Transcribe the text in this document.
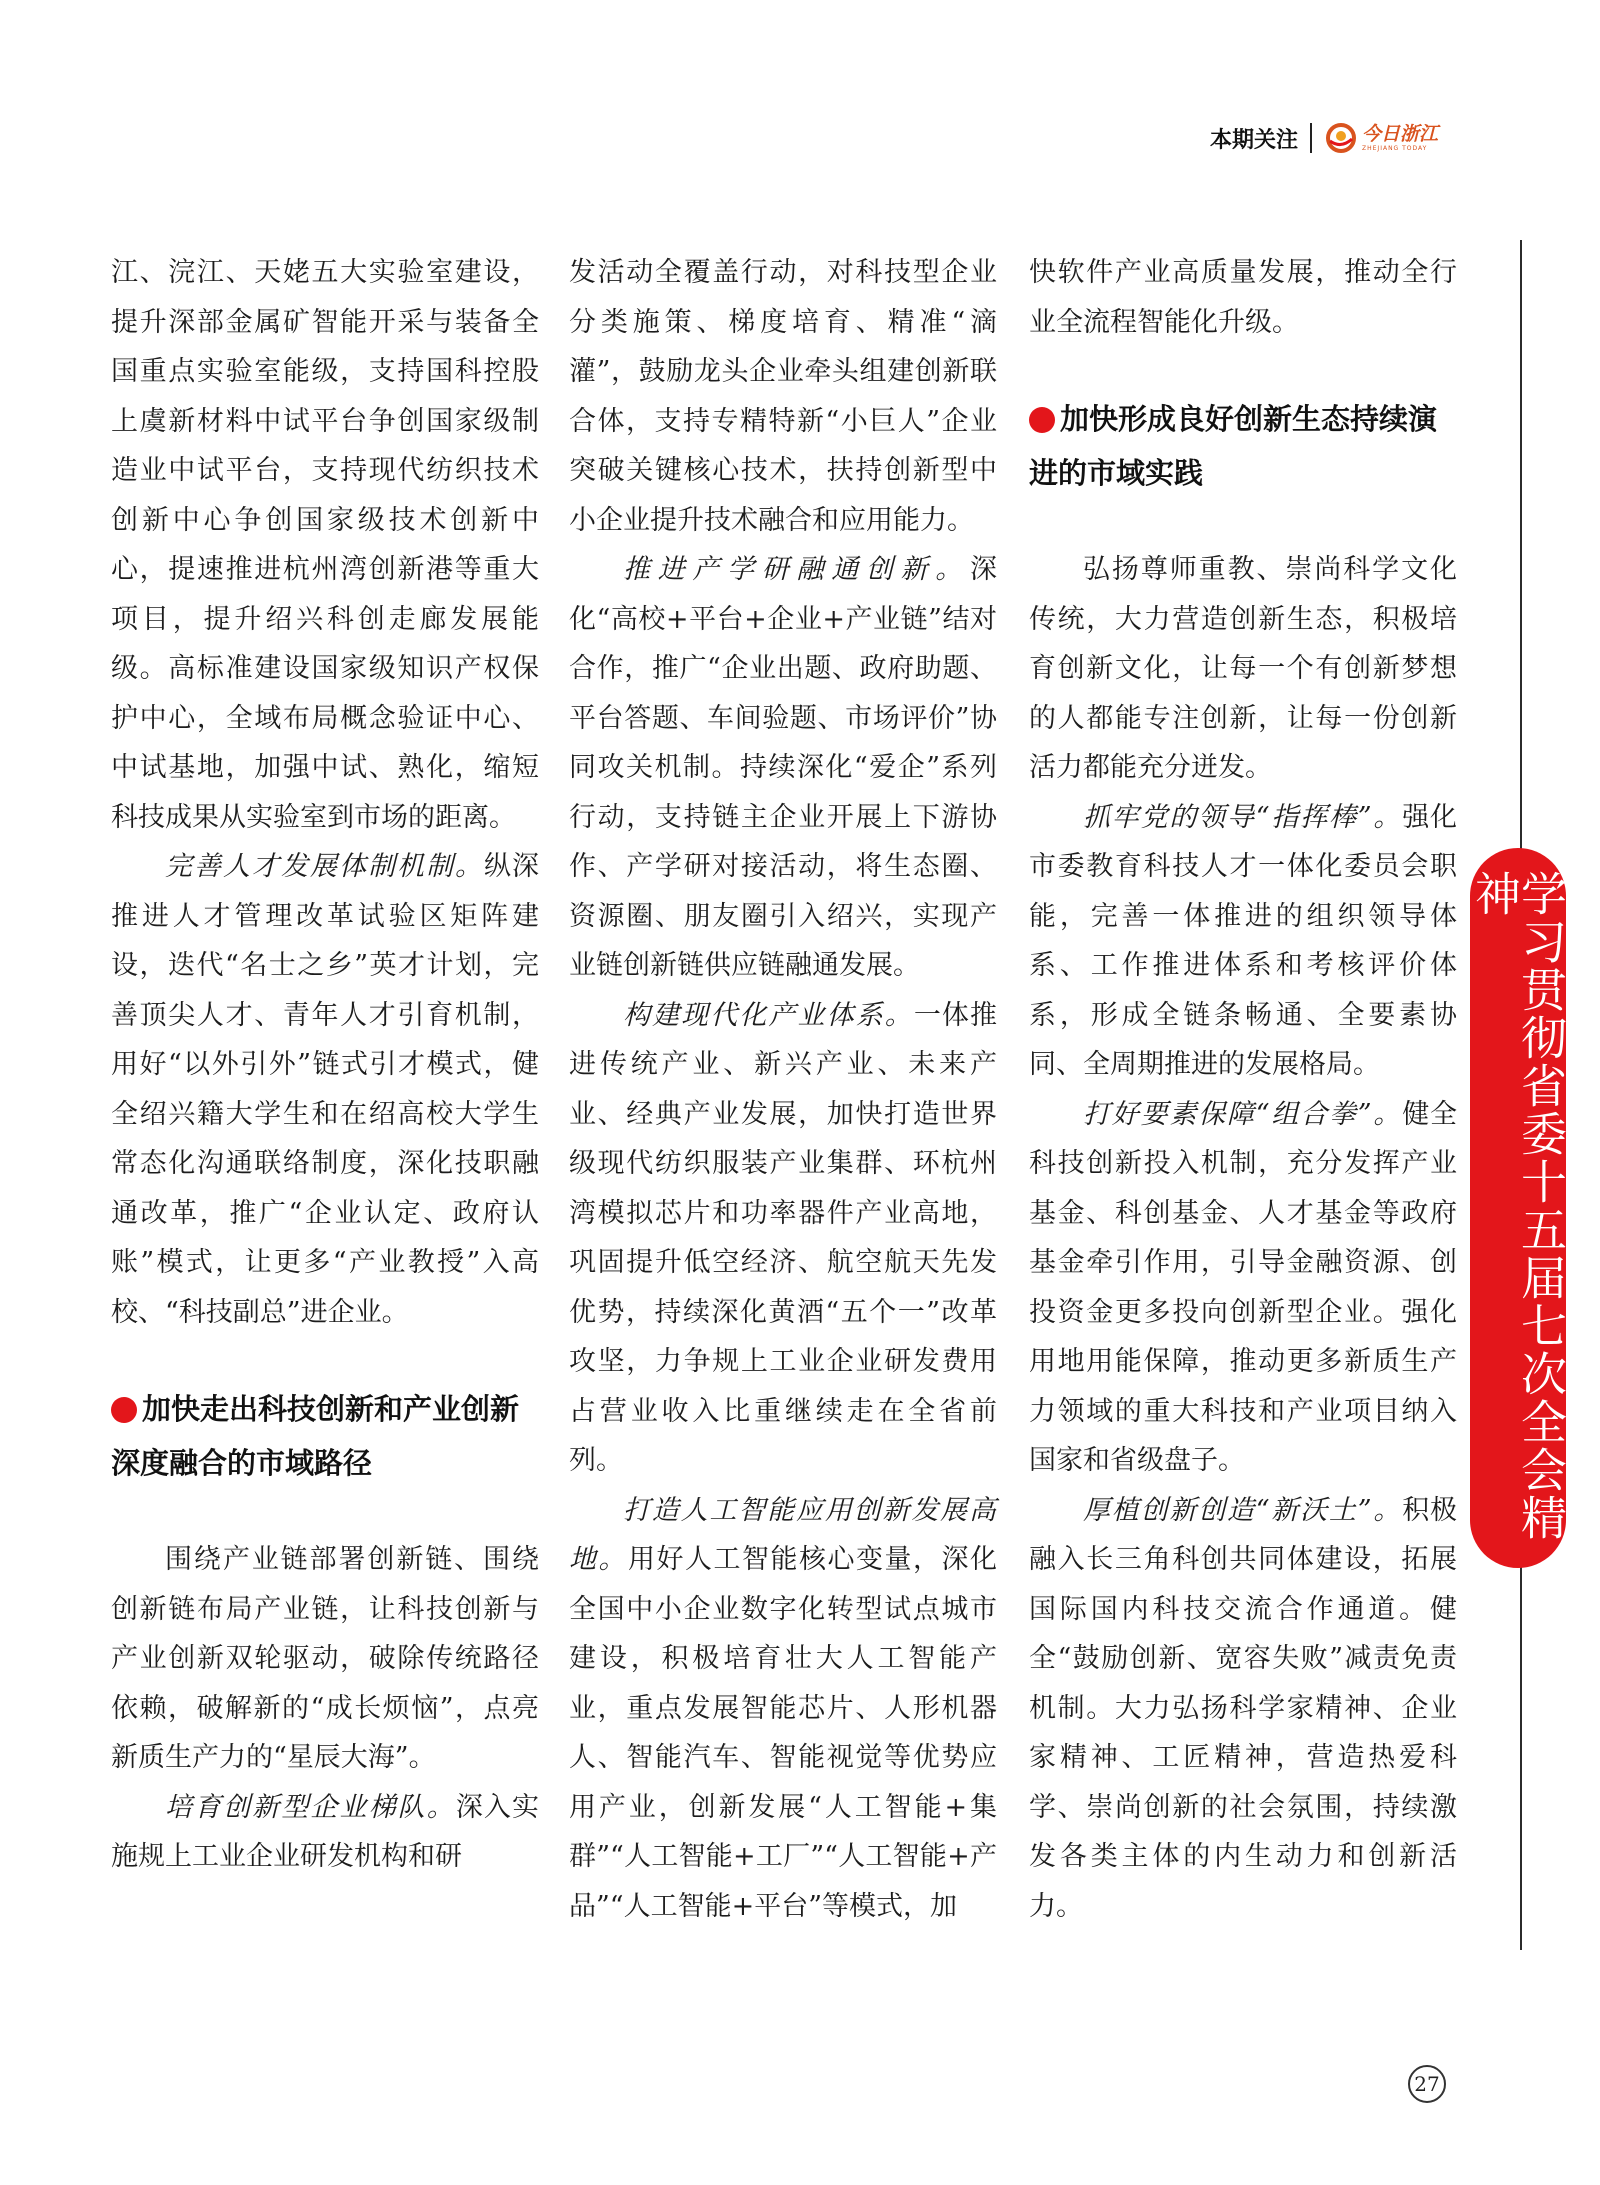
本期关注	今日浙江
ZHEJIANG TODAY

江、浣江、天姥五大实验室建设，提升深部金属矿智能开采与装备全国重点实验室能级，支持国科控股上虞新材料中试平台争创国家级制造业中试平台，支持现代纺织技术创新中心争创国家级技术创新中心，提速推进杭州湾创新港等重大项目，提升绍兴科创走廊发展能级。高标准建设国家级知识产权保护中心，全域布局概念验证中心、中试基地，加强中试、熟化，缩短科技成果从实验室到市场的距离。

完善人才发展体制机制。纵深推进人才管理改革试验区矩阵建设，迭代“名士之乡”英才计划，完善顶尖人才、青年人才引育机制，用好“以外引外”链式引才模式，健全绍兴籍大学生和在绍高校大学生常态化沟通联络制度，深化技职融通改革，推广“企业认定、政府认账”模式，让更多“产业教授”入高校、“科技副总”进企业。

加快走出科技创新和产业创新深度融合的市域路径

围绕产业链部署创新链、围绕创新链布局产业链，让科技创新与产业创新双轮驱动，破除传统路径依赖，破解新的“成长烦恼”，点亮新质生产力的“星辰大海”。

培育创新型企业梯队。深入实施规上工业企业研发机构和研

发活动全覆盖行动，对科技型企业分类施策、梯度培育、精准“滴灌”，鼓励龙头企业牵头组建创新联合体，支持专精特新“小巨人”企业突破关键核心技术，扶持创新型中小企业提升技术融合和应用能力。

推进产学研融通创新。深化“高校+平台+企业+产业链”结对合作，推广“企业出题、政府助题、平台答题、车间验题、市场评价”协同攻关机制。持续深化“爱企”系列行动，支持链主企业开展上下游协作、产学研对接活动，将生态圈、资源圈、朋友圈引入绍兴，实现产业链创新链供应链融通发展。

构建现代化产业体系。一体推进传统产业、新兴产业、未来产业、经典产业发展，加快打造世界级现代纺织服装产业集群、环杭州湾模拟芯片和功率器件产业高地，巩固提升低空经济、航空航天先发优势，持续深化黄酒“五个一”改革攻坚，力争规上工业企业研发费用占营业收入比重继续走在全省前列。

打造人工智能应用创新发展高地。用好人工智能核心变量，深化全国中小企业数字化转型试点城市建设，积极培育壮大人工智能产业，重点发展智能芯片、人形机器人、智能汽车、智能视觉等优势应用产业，创新发展“人工智能+集群”“人工智能+工厂”“人工智能+产品”“人工智能+平台”等模式，加

快软件产业高质量发展，推动全行业全流程智能化升级。

加快形成良好创新生态持续演进的市域实践

弘扬尊师重教、崇尚科学文化传统，大力营造创新生态，积极培育创新文化，让每一个有创新梦想的人都能专注创新，让每一份创新活力都能充分迸发。

抓牢党的领导“指挥棒”。强化市委教育科技人才一体化委员会职能，完善一体推进的组织领导体系、工作推进体系和考核评价体系，形成全链条畅通、全要素协同、全周期推进的发展格局。

打好要素保障“组合拳”。健全科技创新投入机制，充分发挥产业基金、科创基金、人才基金等政府基金牵引作用，引导金融资源、创投资金更多投向创新型企业。强化用地用能保障，推动更多新质生产力领域的重大科技和产业项目纳入国家和省级盘子。

厚植创新创造“新沃土”。积极融入长三角科创共同体建设，拓展国际国内科技交流合作通道。健全“鼓励创新、宽容失败”减责免责机制。大力弘扬科学家精神、企业家精神、工匠精神，营造热爱科学、崇尚创新的社会氛围，持续激发各类主体的内生动力和创新活力。

学习贯彻省委十五届七次全会精神
27
